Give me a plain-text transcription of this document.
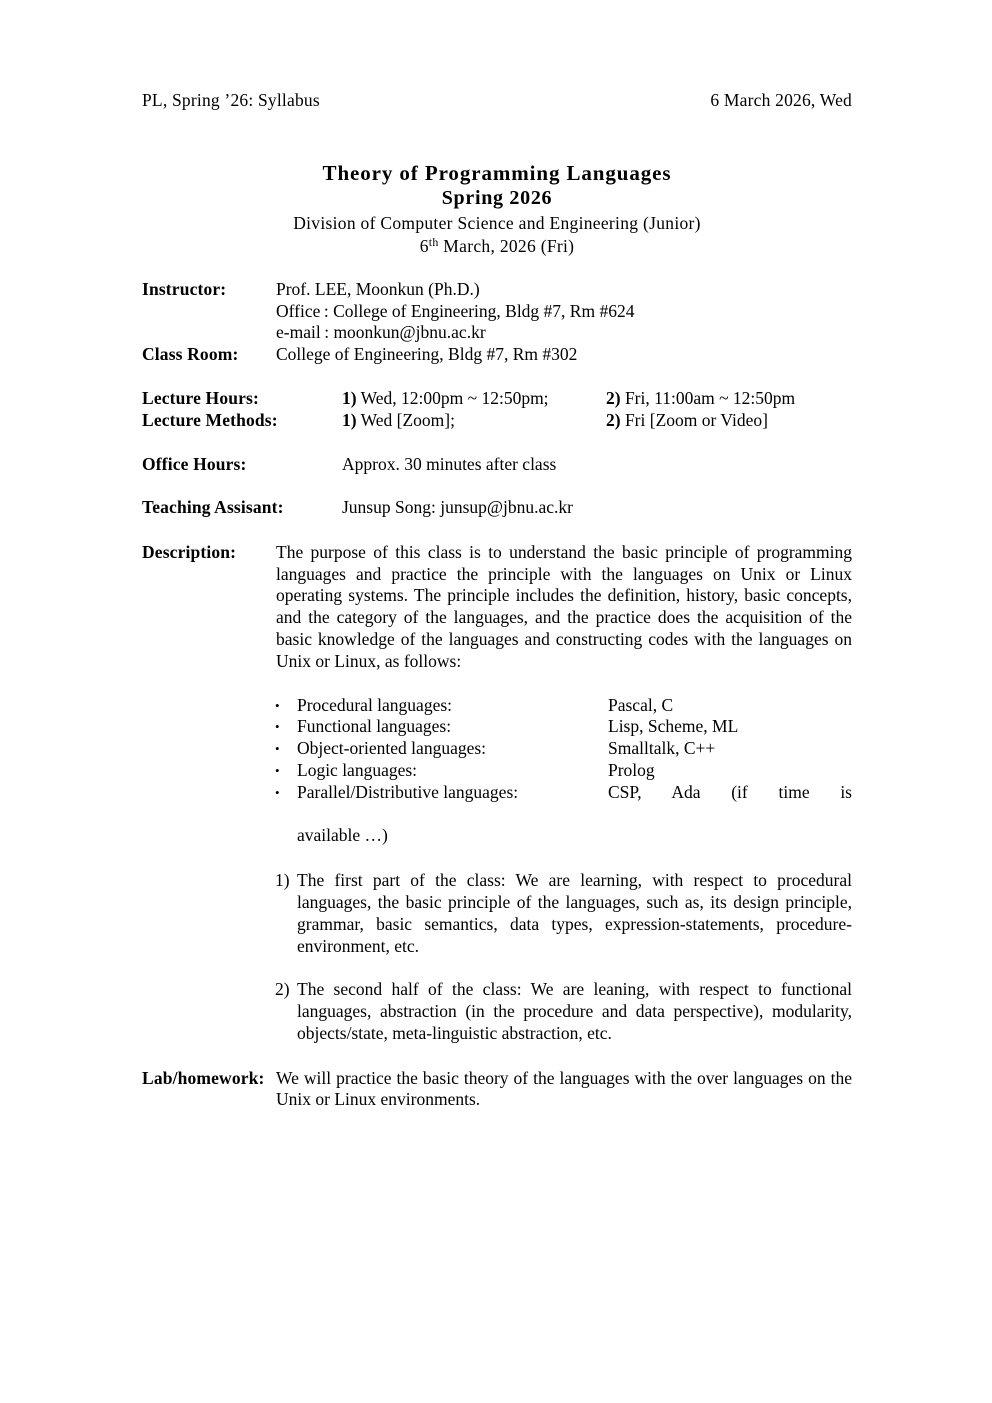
PL, Spring ’26: Syllabus	6 March 2026, Wed
Theory of Programming Languages
Spring 2026
Division of Computer Science and Engineering (Junior)
6th March, 2026 (Fri)
Instructor:	Prof. LEE, Moonkun (Ph.D.)
Office : College of Engineering, Bldg #7, Rm #624
e-mail : moonkun@jbnu.ac.kr
Class Room:	College of Engineering, Bldg #7, Rm #302
Lecture Hours:	1) Wed, 12:00pm ~ 12:50pm;	2) Fri, 11:00am ~ 12:50pm
Lecture Methods:	1) Wed [Zoom];	2) Fri [Zoom or Video]
Office Hours:	Approx. 30 minutes after class
Teaching Assisant:	Junsup Song: junsup@jbnu.ac.kr
Description:	The purpose of this class is to understand the basic principle of programming languages and practice the principle with the languages on Unix or Linux operating systems. The principle includes the definition, history, basic concepts, and the category of the languages, and the practice does the acquisition of the basic knowledge of the languages and constructing codes with the languages on Unix or Linux, as follows:
• Procedural languages:	Pascal, C
• Functional languages:	Lisp, Scheme, ML
• Object-oriented languages:	Smalltalk, C++
• Logic languages:	Prolog
• Parallel/Distributive languages:	CSP, Ada (if time is
available …)
1) The first part of the class: We are learning, with respect to procedural languages, the basic principle of the languages, such as, its design principle, grammar, basic semantics, data types, expression-statements, procedure-environment, etc.
2) The second half of the class: We are leaning, with respect to functional languages, abstraction (in the procedure and data perspective), modularity, objects/state, meta-linguistic abstraction, etc.
Lab/homework: We will practice the basic theory of the languages with the over languages on the Unix or Linux environments.
